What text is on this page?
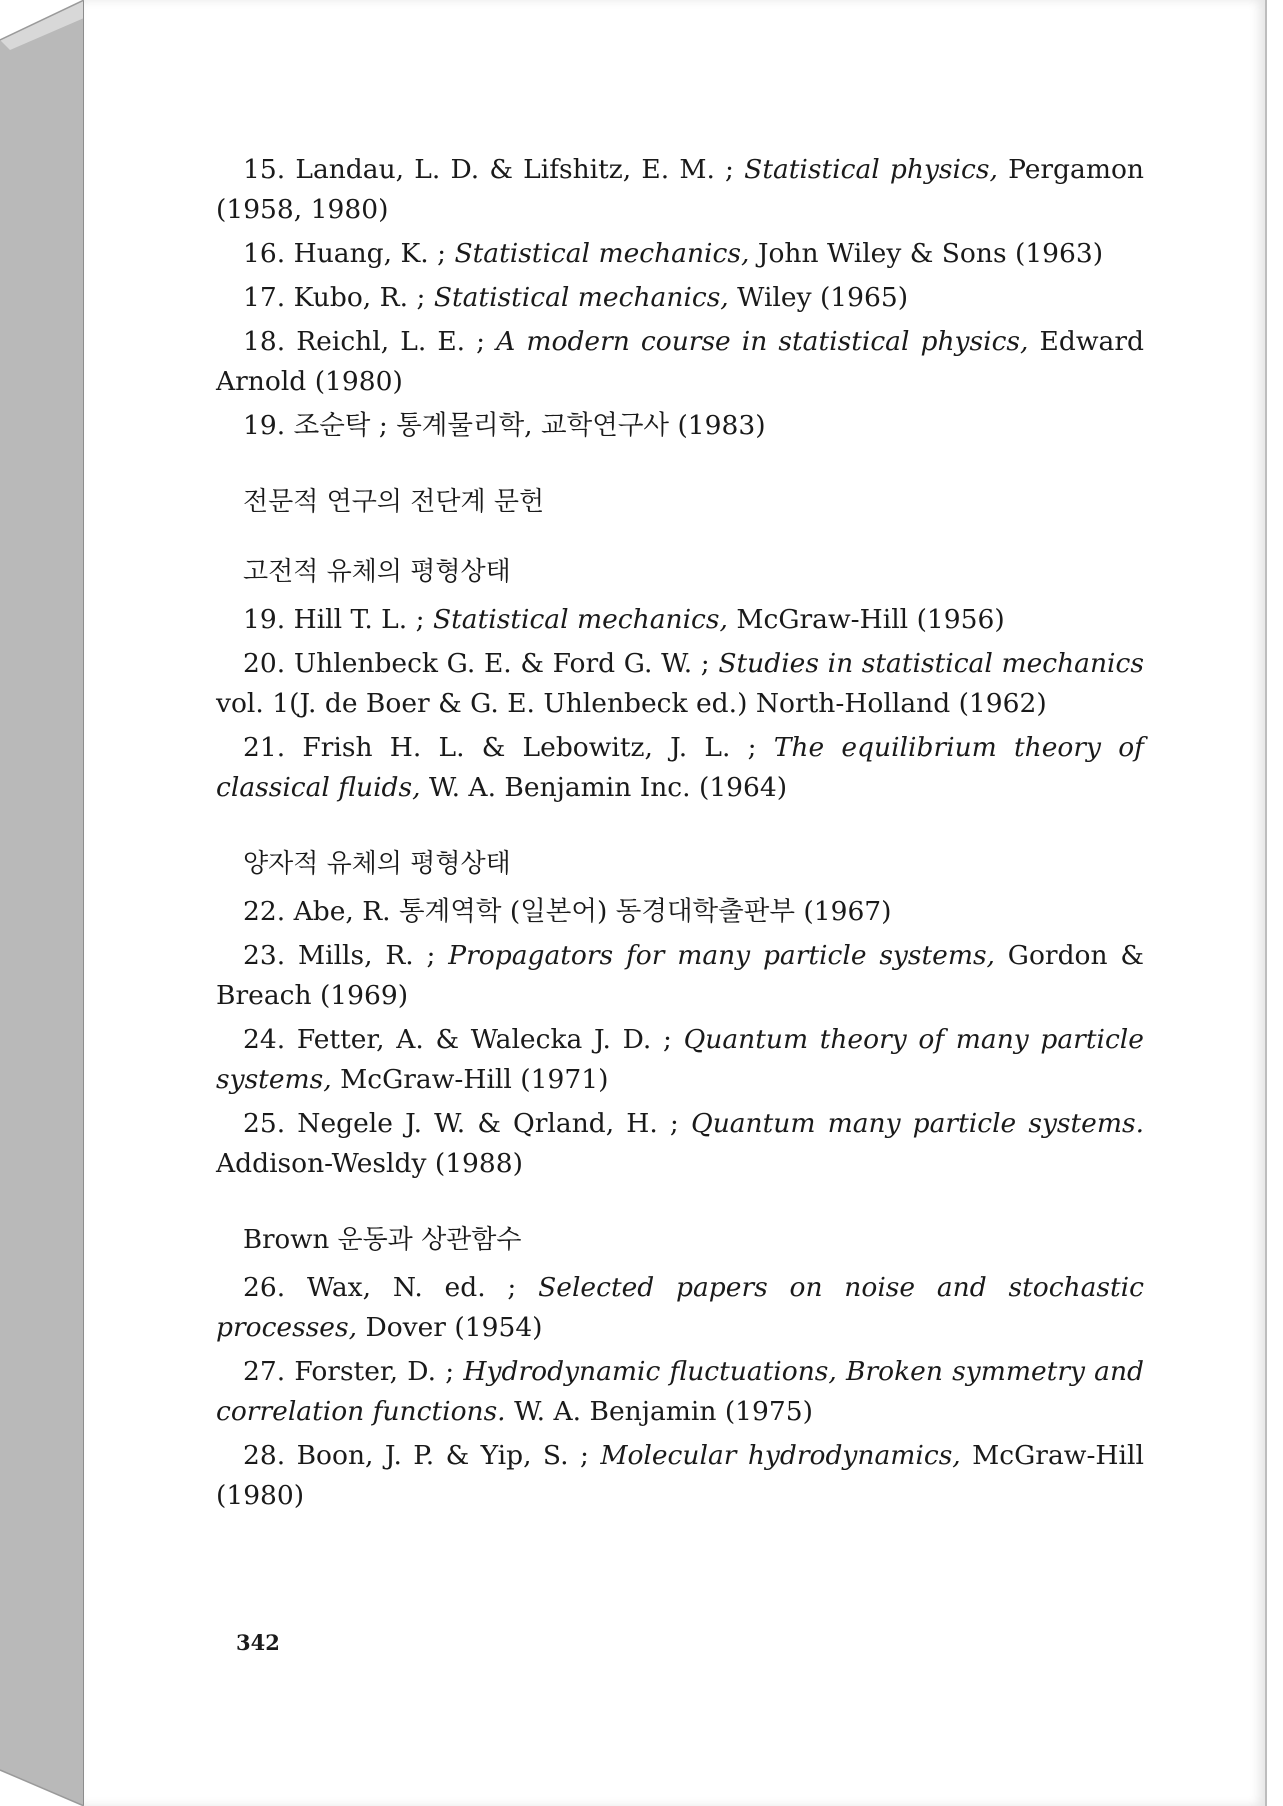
15. Landau, L. D. & Lifshitz, E. M. ; Statistical physics, Pergamon (1958, 1980)

16. Huang, K. ; Statistical mechanics, John Wiley & Sons (1963)

17. Kubo, R. ; Statistical mechanics, Wiley (1965)

18. Reichl, L. E. ; A modern course in statistical physics, Edward Arnold (1980)

19. 조순탁 ; 통계물리학, 교학연구사 (1983)

전문적 연구의 전단계 문헌
고전적 유체의 평형상태

19. Hill T. L. ; Statistical mechanics, McGraw-Hill (1956)

20. Uhlenbeck G. E. & Ford G. W. ; Studies in statistical mechanics vol. 1(J. de Boer & G. E. Uhlenbeck ed.) North-Holland (1962)

21. Frish H. L. & Lebowitz, J. L. ; The equilibrium theory of classical fluids, W. A. Benjamin Inc. (1964)

양자적 유체의 평형상태

22. Abe, R. 통계역학 (일본어) 동경대학출판부 (1967)

23. Mills, R. ; Propagators for many particle systems, Gordon & Breach (1969)

24. Fetter, A. & Walecka J. D. ; Quantum theory of many particle systems, McGraw-Hill (1971)

25. Negele J. W. & Qrland, H. ; Quantum many particle systems. Addison-Wesldy (1988)

Brown 운동과 상관함수

26. Wax, N. ed. ; Selected papers on noise and stochastic processes, Dover (1954)

27. Forster, D. ; Hydrodynamic fluctuations, Broken symmetry and correlation functions. W. A. Benjamin (1975)

28. Boon, J. P. & Yip, S. ; Molecular hydrodynamics, McGraw-Hill (1980)

342
